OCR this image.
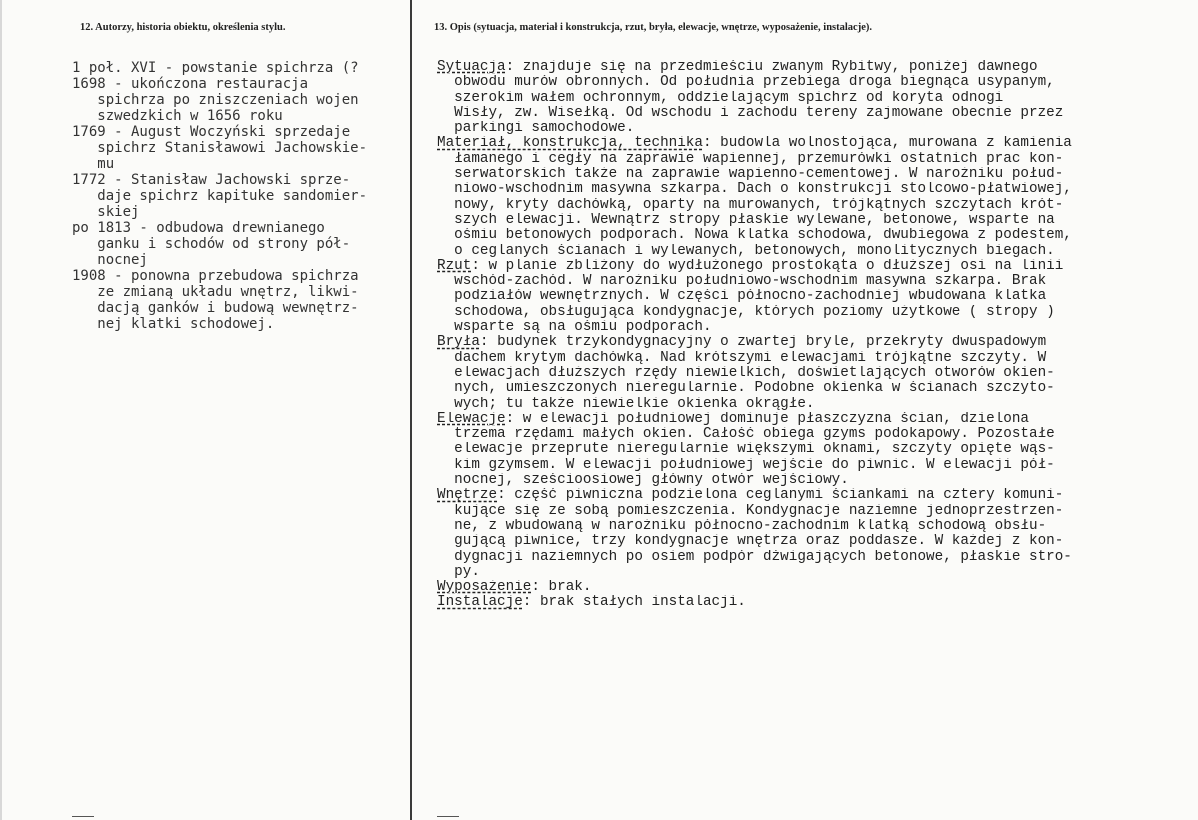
12. Autorzy, historia obiektu, określenia stylu.	13. Opis (sytuacja, materiał i konstrukcja, rzut, bryła, elewacje, wnętrze, wyposażenie, instalacje).
1 poł. XVI - powstanie spichrza (?
1698 - ukończona restauracja
spichrza po zniszczeniach wojen
szwedzkich w 1656 roku
1769 - August Woczyński sprzedaje
spichrz Stanisławowi Jachowskie-
mu
1772 - Stanisław Jachowski sprze-
daje spichrz kapituke sandomier-
skiej
po 1813 - odbudowa drewnianego
ganku i schodów od strony pół-
nocnej
1908 - ponowna przebudowa spichrza
ze zmianą układu wnętrz, likwi-
dacją ganków i budową wewnętrz-
nej klatki schodowej.
Sytuacja: znajduje się na przedmieściu zwanym Rybitwy, poniżej dawnego
obwodu murów obronnych. Od południa przebiega droga biegnąca usypanym,
szerokim wałem ochronnym, oddzielającym spichrz od koryta odnogi
Wisły, zw. Wisełką. Od wschodu i zachodu tereny zajmowane obecnie przez
parkingi samochodowe.
Materiał, konstrukcja, technika: budowla wolnostojąca, murowana z kamienia
łamanego i cegły na zaprawie wapiennej, przemurówki ostatnich prac kon-
serwatorskich także na zaprawie wapienno-cementowej. W narożniku połud-
niowo-wschodnim masywna szkarpa. Dach o konstrukcji stolcowo-płatwiowej,
nowy, kryty dachówką, oparty na murowanych, trójkątnych szczytach krót-
szych elewacji. Wewnątrz stropy płaskie wylewane, betonowe, wsparte na
ośmiu betonowych podporach. Nowa klatka schodowa, dwubiegowa z podestem,
o ceglanych ścianach i wylewanych, betonowych, monolitycznych biegach.
Rzut: w planie zbliżony do wydłużonego prostokąta o dłuższej osi na linii
wschód-zachód. W narożniku południowo-wschodnim masywna szkarpa. Brak
podziałów wewnętrznych. W części północno-zachodniej wbudowana klatka
schodowa, obsługująca kondygnacje, których poziomy użytkowe ( stropy )
wsparte są na ośmiu podporach.
Bryła: budynek trzykondygnacyjny o zwartej bryle, przekryty dwuspadowym
dachem krytym dachówką. Nad krótszymi elewacjami trójkątne szczyty. W
elewacjach dłuższych rzędy niewielkich, doświetlających otworów okien-
nych, umieszczonych nieregularnie. Podobne okienka w ścianach szczyto-
wych; tu także niewielkie okienka okrągłe.
Elewacje: w elewacji południowej dominuje płaszczyzna ścian, dzielona
trzema rzędami małych okien. Całość obiega gzyms podokapowy. Pozostałe
elewacje przeprute nieregularnie większymi oknami, szczyty opięte wąs-
kim gzymsem. W elewacji południowej wejście do piwnic. W elewacji pół-
nocnej, sześcioosiowej główny otwór wejściowy.
Wnętrze: część piwniczna podzielona ceglanymi ściankami na cztery komuni-
kujące się ze sobą pomieszczenia. Kondygnacje naziemne jednoprzestrzen-
ne, z wbudowaną w narożniku północno-zachodnim klatką schodową obsłu-
gującą piwnice, trzy kondygnacje wnętrza oraz poddasze. W każdej z kon-
dygnacji naziemnych po osiem podpór dźwigających betonowe, płaskie stro-
py.
Wyposażenie: brak.
Instalacje: brak stałych instalacji.
